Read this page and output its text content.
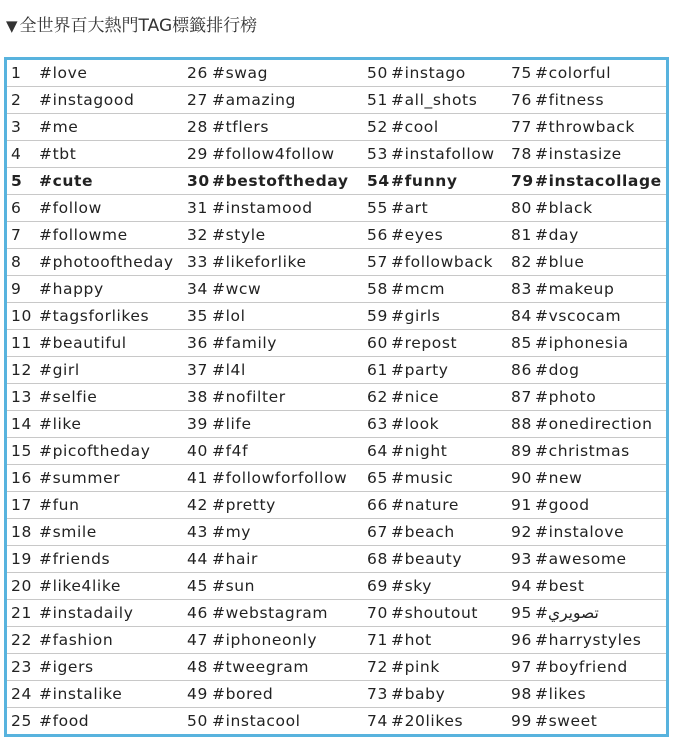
▼ 全世界百大熱門TAG標籤排行榜
1 #love	26 #swag	50 #instago	75 #colorful
2 #instagood	27 #amazing	51 #all_shots	76 #fitness
3 #me	28 #tflers	52 #cool	77 #throwback
4 #tbt	29 #follow4follow	53 #instafollow	78 #instasize
5 #cute	30 #bestoftheday	54#funny	79#instacollage
6 #follow	31 #instamood	55 #art	80 #black
7 #followme	32 #style	56 #eyes	81 #day
8 #photooftheday	33 #likeforlike	57 #followback	82 #blue
9 #happy	34 #wcw	58 #mcm	83 #makeup
10 #tagsforlikes	35 #lol	59 #girls	84 #vscocam
11 #beautiful	36 #family	60 #repost	85 #iphonesia
12 #girl	37 #l4l	61 #party	86 #dog
13 #selfie	38 #nofilter	62 #nice	87 #photo
14 #like	39 #life	63 #look	88 #onedirection
15 #picoftheday	40 #f4f	64 #night	89 #christmas
16 #summer	41 #followforfollow	65 #music	90 #new
17 #fun	42 #pretty	66 #nature	91 #good
18 #smile	43 #my	67 #beach	92 #instalove
19 #friends	44 #hair	68 #beauty	93 #awesome
20 #like4like	45 #sun	69 #sky	94 #best
21 #instadaily	46 #webstagram	70 #shoutout	95 #تصويري
22 #fashion	47 #iphoneonly	71 #hot	96 #harrystyles
23 #igers	48 #tweegram	72 #pink	97 #boyfriend
24 #instalike	49 #bored	73 #baby	98 #likes
25 #food	50 #instacool	74 #20likes	99 #sweet
